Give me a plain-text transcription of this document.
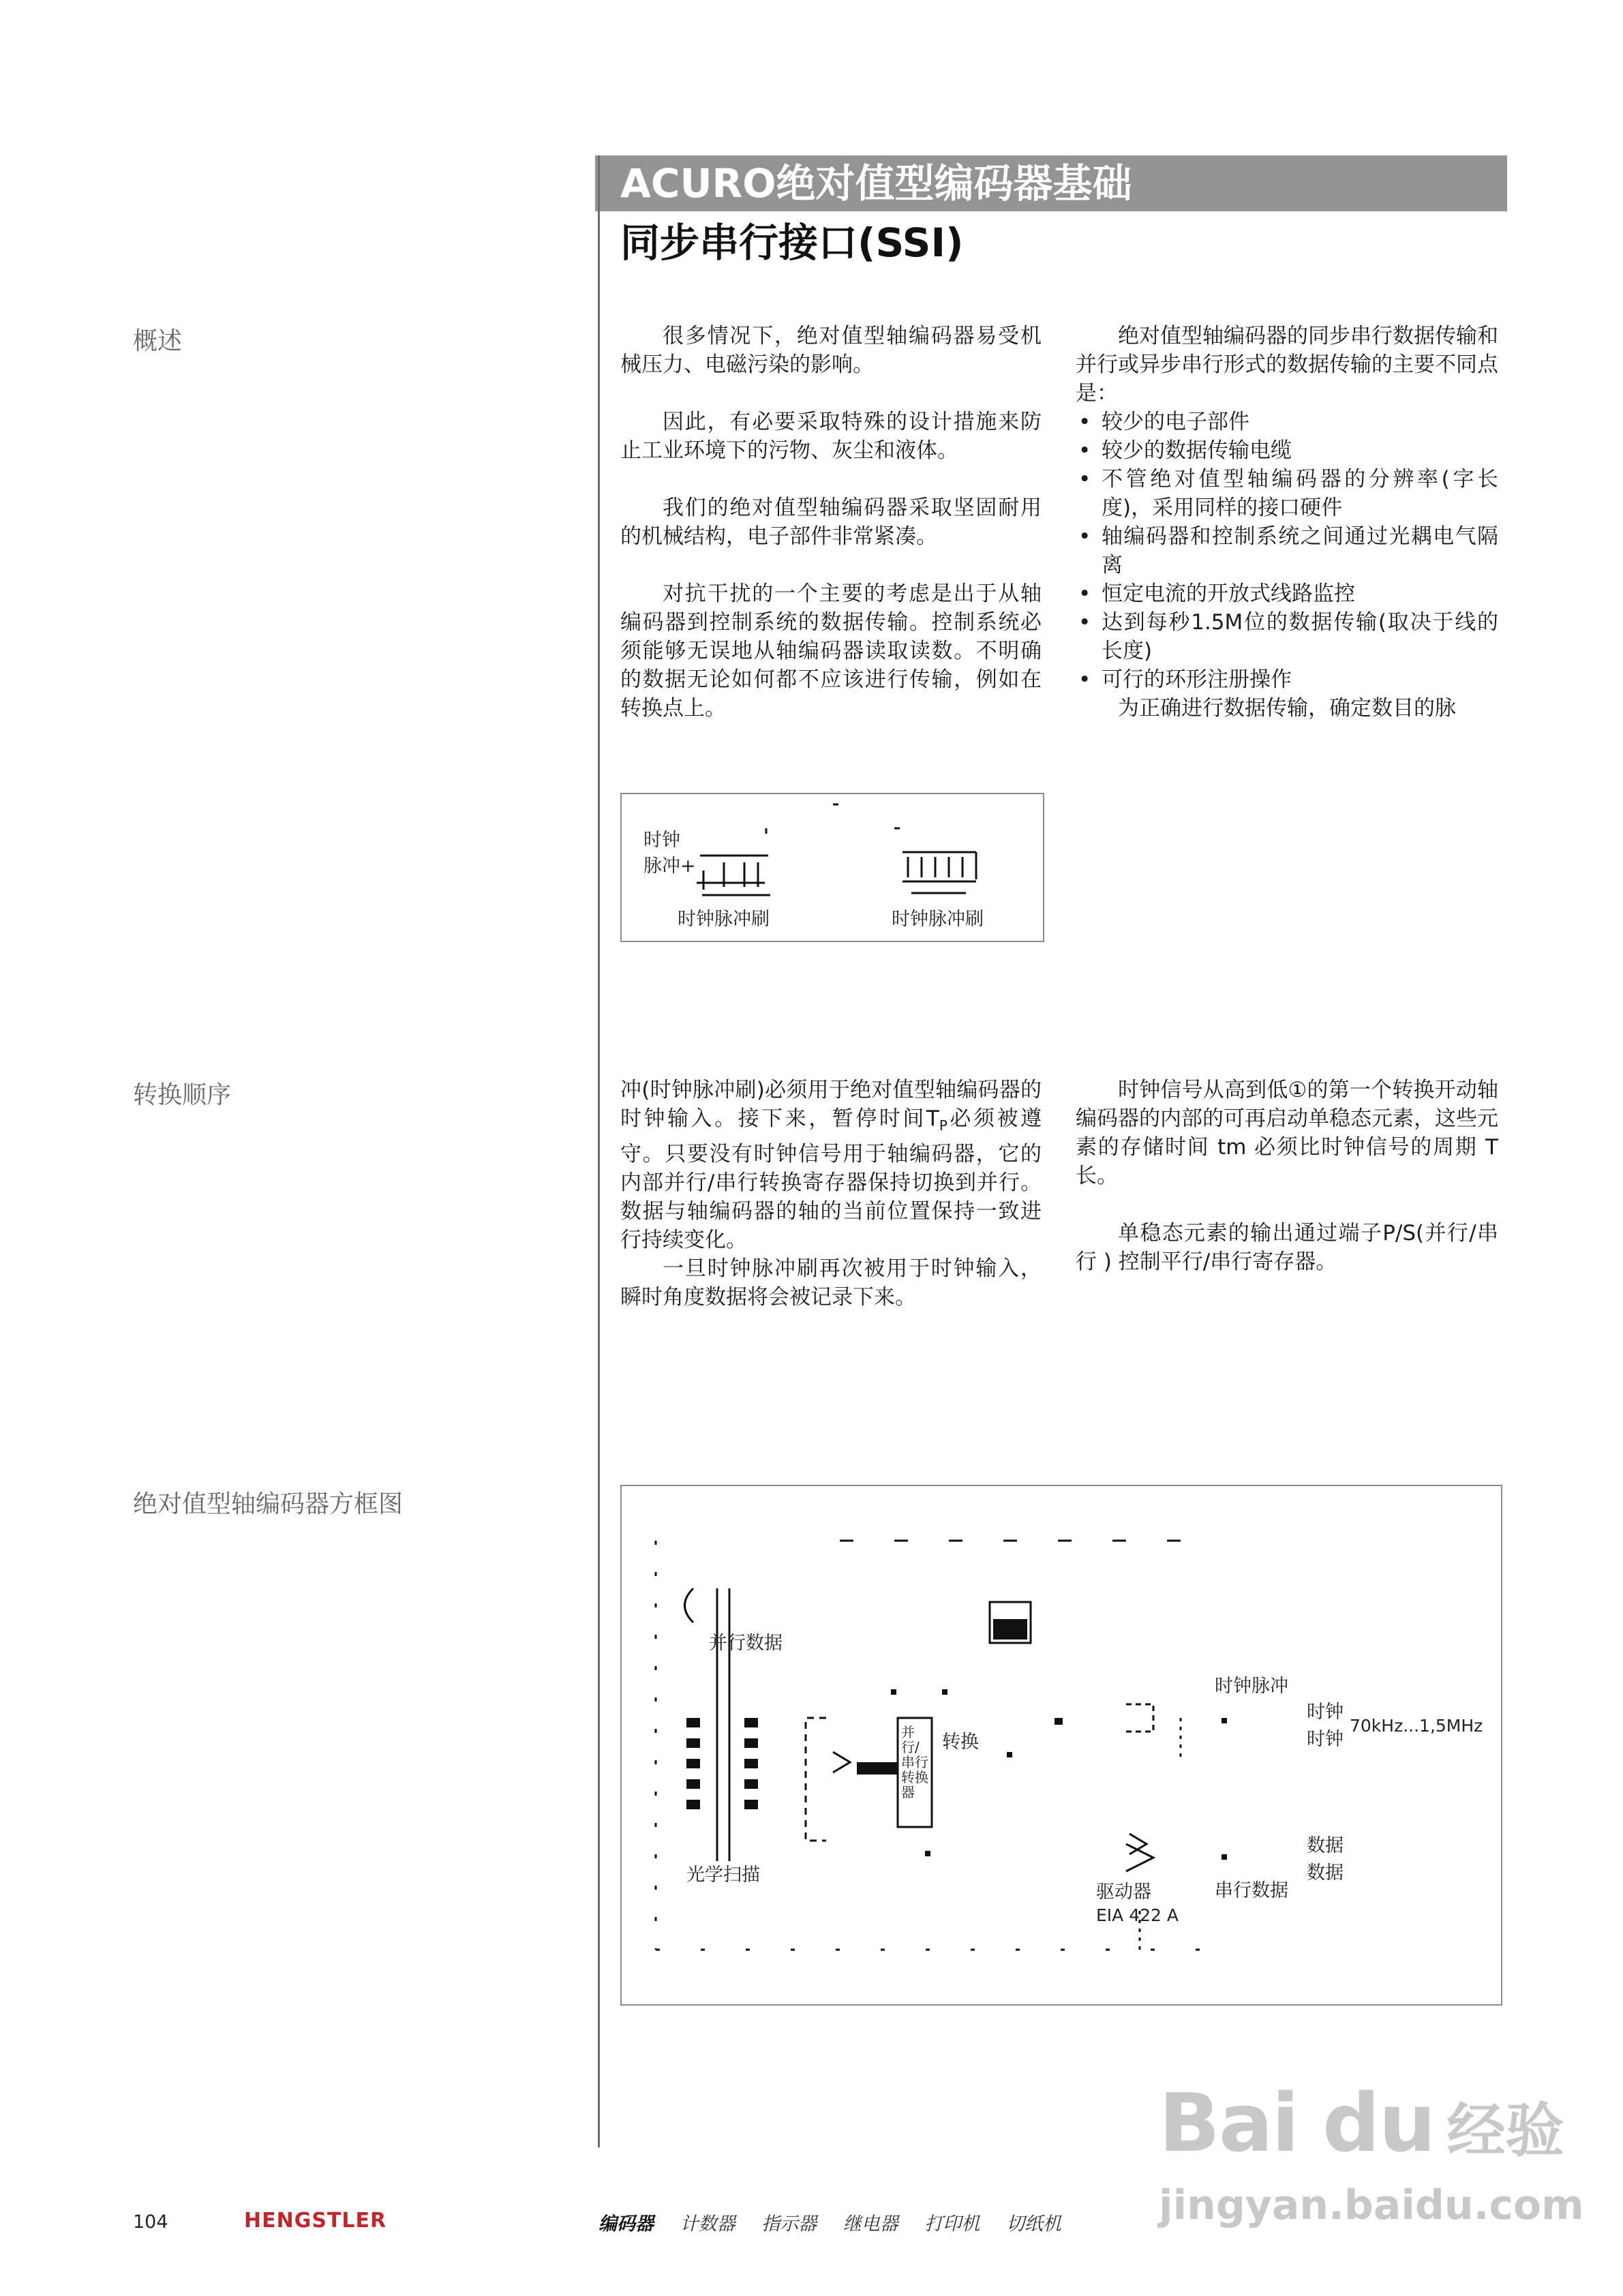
ACURO绝对值型编码器基础
同步串行接口(SSI)
概述
转换顺序
绝对值型轴编码器方框图

很多情况下，绝对值型轴编码器易受机械压力、电磁污染的影响。

因此，有必要采取特殊的设计措施来防止工业环境下的污物、灰尘和液体。

我们的绝对值型轴编码器采取坚固耐用的机械结构，电子部件非常紧凑。

对抗干扰的一个主要的考虑是出于从轴编码器到控制系统的数据传输。控制系统必须能够无误地从轴编码器读取读数。不明确的数据无论如何都不应该进行传输，例如在转换点上。

绝对值型轴编码器的同步串行数据传输和并行或异步串行形式的数据传输的主要不同点是：

• 较少的电子部件
• 较少的数据传输电缆
• 不管绝对值型轴编码器的分辨率(字长度)，采用同样的接口硬件
• 轴编码器和控制系统之间通过光耦电气隔离
• 恒定电流的开放式线路监控
• 达到每秒1.5M位的数据传输(取决于线的长度)
• 可行的环形注册操作

为正确进行数据传输，确定数目的脉

时钟
脉冲+
时钟脉冲刷	时钟脉冲刷

冲(时钟脉冲刷)必须用于绝对值型轴编码器的时钟输入。接下来，暂停时间$T_P$必须被遵守。只要没有时钟信号用于轴编码器，它的内部并行/串行转换寄存器保持切换到并行。数据与轴编码器的轴的当前位置保持一致进行持续变化。

一旦时钟脉冲刷再次被用于时钟输入，瞬时角度数据将会被记录下来。

时钟信号从高到低①的第一个转换开动轴编码器的内部的可再启动单稳态元素，这些元素的存储时间 tm 必须比时钟信号的周期 T 长。

单稳态元素的输出通过端子P/S(并行/串行 ) 控制平行/串行寄存器。

并行数据
转换
并行/串行转换器
光学扫描
时钟脉冲
时钟
时钟
70kHz...1,5MHz
数据
数据
驱动器
EIA 422 A
串行数据
Bai du 经验
jingyan.baidu.com
104	HENGSTLER	编码器 计数器 指示器 继电器 打印机 切纸机
